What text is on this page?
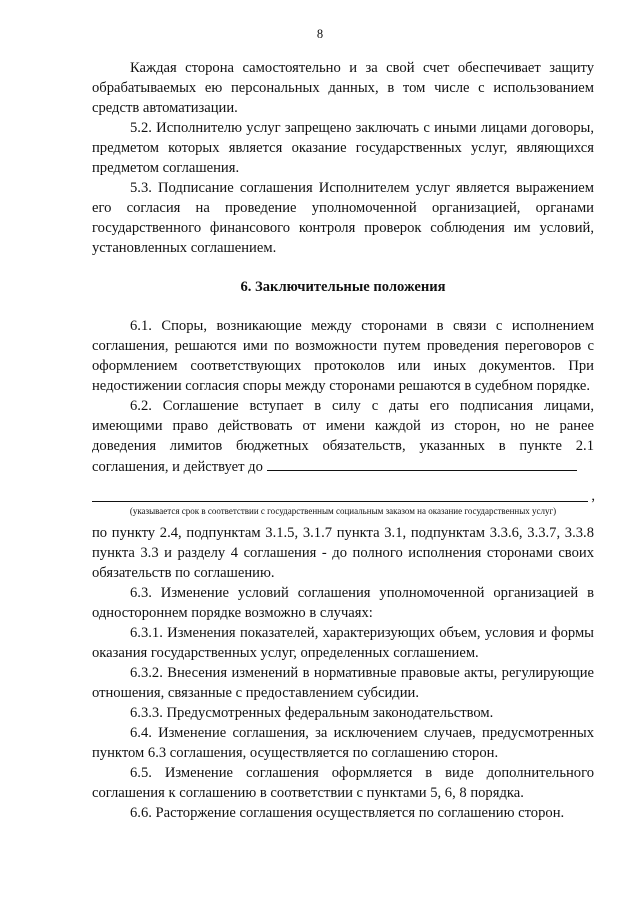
8

Каждая сторона самостоятельно и за свой счет обеспечивает защиту обрабатываемых ею персональных данных, в том числе с использованием средств автоматизации.

5.2. Исполнителю услуг запрещено заключать с иными лицами договоры, предметом которых является оказание государственных услуг, являющихся предметом соглашения.

5.3. Подписание соглашения Исполнителем услуг является выражением его согласия на проведение уполномоченной организацией, органами государственного финансового контроля проверок соблюдения им условий, установленных соглашением.

6. Заключительные положения

6.1. Споры, возникающие между сторонами в связи с исполнением соглашения, решаются ими по возможности путем проведения переговоров с оформлением соответствующих протоколов или иных документов. При недостижении согласия споры между сторонами решаются в судебном порядке.

6.2. Соглашение вступает в силу с даты его подписания лицами, имеющими право действовать от имени каждой из сторон, но не ранее доведения лимитов бюджетных обязательств, указанных в пункте 2.1 соглашения, и действует до

,

(указывается срок в соответствии с государственным социальным заказом на оказание государственных услуг)

по пункту 2.4, подпунктам 3.1.5, 3.1.7 пункта 3.1, подпунктам 3.3.6, 3.3.7, 3.3.8 пункта 3.3 и разделу 4 соглашения - до полного исполнения сторонами своих обязательств по соглашению.

6.3. Изменение условий соглашения уполномоченной организацией в одностороннем порядке возможно в случаях:

6.3.1. Изменения показателей, характеризующих объем, условия и формы оказания государственных услуг, определенных соглашением.

6.3.2. Внесения изменений в нормативные правовые акты, регулирующие отношения, связанные с предоставлением субсидии.

6.3.3. Предусмотренных федеральным законодательством.

6.4. Изменение соглашения, за исключением случаев, предусмотренных пунктом 6.3 соглашения, осуществляется по соглашению сторон.

6.5. Изменение соглашения оформляется в виде дополнительного соглашения к соглашению в соответствии с пунктами 5, 6, 8 порядка.

6.6. Расторжение соглашения осуществляется по соглашению сторон.
